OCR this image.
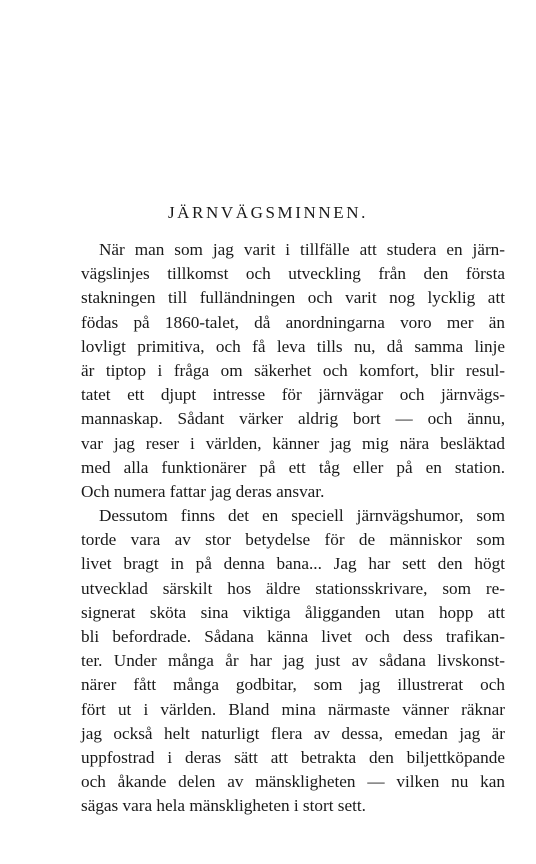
JÄRNVÄGSMINNEN.
När man som jag varit i tillfälle att studera en järn-
vägslinjes tillkomst och utveckling från den första
stakningen till fulländningen och varit nog lycklig att
födas på 1860-talet, då anordningarna voro mer än
lovligt primitiva, och få leva tills nu, då samma linje
är tiptop i fråga om säkerhet och komfort, blir resul-
tatet ett djupt intresse för järnvägar och järnvägs-
mannaskap. Sådant värker aldrig bort — och ännu,
var jag reser i världen, känner jag mig nära besläktad
med alla funktionärer på ett tåg eller på en station.
Och numera fattar jag deras ansvar.
Dessutom finns det en speciell järnvägshumor, som
torde vara av stor betydelse för de människor som
livet bragt in på denna bana... Jag har sett den högt
utvecklad särskilt hos äldre stationsskrivare, som re-
signerat sköta sina viktiga åligganden utan hopp att
bli befordrade. Sådana känna livet och dess trafikan-
ter. Under många år har jag just av sådana livskonst-
närer fått många godbitar, som jag illustrerat och
fört ut i världen. Bland mina närmaste vänner räknar
jag också helt naturligt flera av dessa, emedan jag är
uppfostrad i deras sätt att betrakta den biljettköpande
och åkande delen av mänskligheten — vilken nu kan
sägas vara hela mänskligheten i stort sett.
